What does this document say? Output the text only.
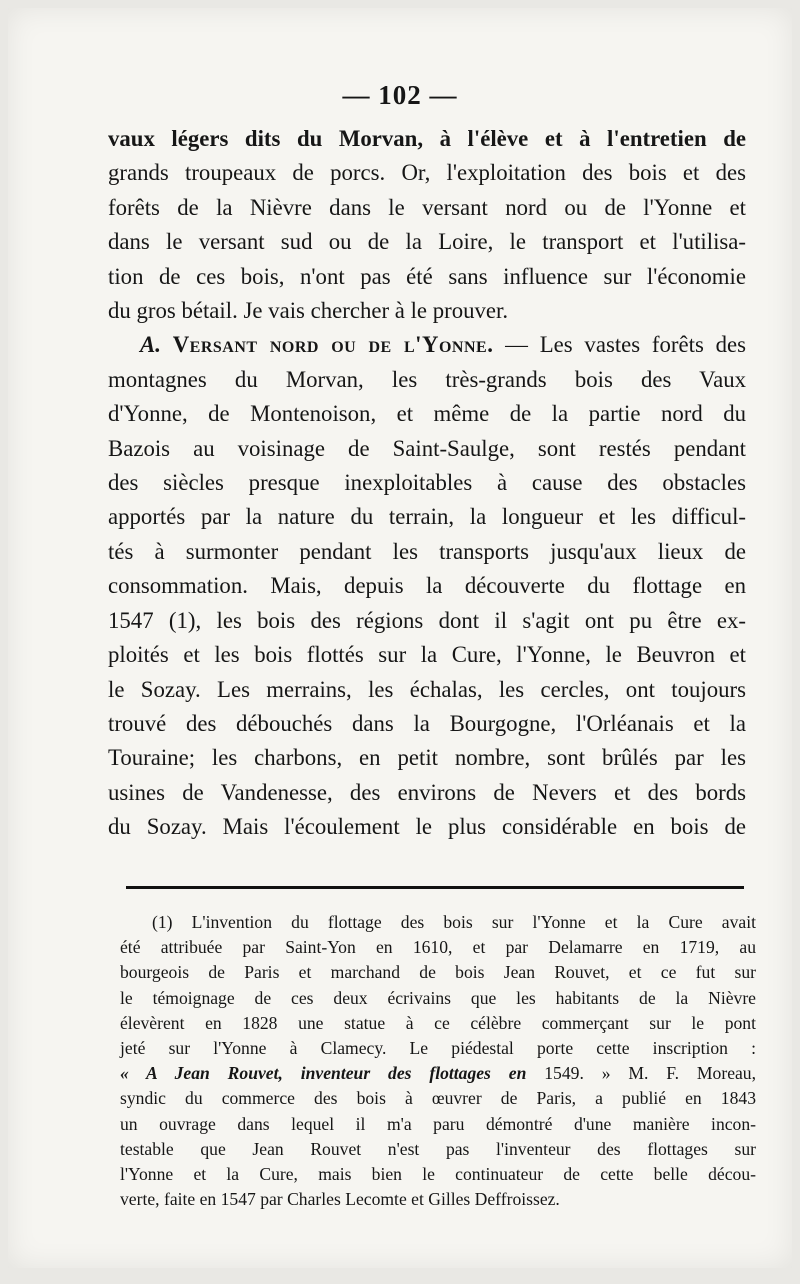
— 102 —
vaux légers dits du Morvan, à l'élève et à l'entretien de
grands troupeaux de porcs. Or, l'exploitation des bois et des
forêts de la Nièvre dans le versant nord ou de l'Yonne et
dans le versant sud ou de la Loire, le transport et l'utilisa-
tion de ces bois, n'ont pas été sans influence sur l'économie
du gros bétail. Je vais chercher à le prouver.
A. Versant nord ou de l'Yonne. — Les vastes forêts des
montagnes du Morvan, les très-grands bois des Vaux
d'Yonne, de Montenoison, et même de la partie nord du
Bazois au voisinage de Saint-Saulge, sont restés pendant
des siècles presque inexploitables à cause des obstacles
apportés par la nature du terrain, la longueur et les difficul-
tés à surmonter pendant les transports jusqu'aux lieux de
consommation. Mais, depuis la découverte du flottage en
1547 (1), les bois des régions dont il s'agit ont pu être ex-
ploités et les bois flottés sur la Cure, l'Yonne, le Beuvron et
le Sozay. Les merrains, les échalas, les cercles, ont toujours
trouvé des débouchés dans la Bourgogne, l'Orléanais et la
Touraine; les charbons, en petit nombre, sont brûlés par les
usines de Vandenesse, des environs de Nevers et des bords
du Sozay. Mais l'écoulement le plus considérable en bois de
(1) L'invention du flottage des bois sur l'Yonne et la Cure avait
été attribuée par Saint-Yon en 1610, et par Delamarre en 1719, au
bourgeois de Paris et marchand de bois Jean Rouvet, et ce fut sur
le témoignage de ces deux écrivains que les habitants de la Nièvre
élevèrent en 1828 une statue à ce célèbre commerçant sur le pont
jeté sur l'Yonne à Clamecy. Le piédestal porte cette inscription :
« A Jean Rouvet, inventeur des flottages en 1549. » M. F. Moreau,
syndic du commerce des bois à œuvrer de Paris, a publié en 1843
un ouvrage dans lequel il m'a paru démontré d'une manière incon-
testable que Jean Rouvet n'est pas l'inventeur des flottages sur
l'Yonne et la Cure, mais bien le continuateur de cette belle décou-
verte, faite en 1547 par Charles Lecomte et Gilles Deffroissez.
